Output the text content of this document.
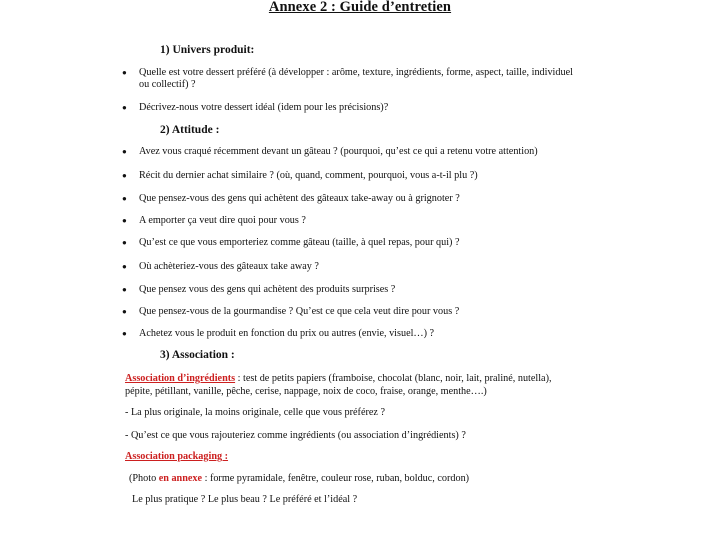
Annexe 2 : Guide d’entretien
1) Univers produit:
● Quelle est votre dessert préféré (à développer : arôme, texture, ingrédients, forme, aspect, taille, individuel ou collectif) ?
● Décrivez-nous votre dessert idéal (idem pour les précisions)?
2) Attitude :
● Avez vous craqué récemment devant un gâteau ? (pourquoi, qu’est ce qui a retenu votre attention)
● Récit du dernier achat similaire ? (où, quand, comment, pourquoi, vous a-t-il plu ?)
● Que pensez-vous des gens qui achètent des gâteaux take-away ou à grignoter ?
● A emporter ça veut dire quoi pour vous ?
● Qu’est ce que vous emporteriez comme gâteau (taille, à quel repas, pour qui) ?
● Où achèteriez-vous des gâteaux take away ?
● Que pensez vous des gens qui achètent des produits surprises ?
● Que pensez-vous de la gourmandise ? Qu’est ce que cela veut dire pour vous ?
● Achetez vous le produit en fonction du prix ou autres (envie, visuel…) ?
3) Association :
Association d’ingrédients : test de petits papiers (framboise, chocolat (blanc, noir, lait, praliné, nutella), pépite, pétillant, vanille, pêche, cerise, nappage, noix de coco, fraise, orange, menthe….)
- La plus originale, la moins originale, celle que vous préférez ?
- Qu’est ce que vous rajouteriez comme ingrédients (ou association d’ingrédients) ?
Association packaging :
(Photo en annexe : forme pyramidale, fenêtre, couleur rose, ruban, bolduc, cordon)
Le plus pratique ? Le plus beau ? Le préféré et l’idéal ?
